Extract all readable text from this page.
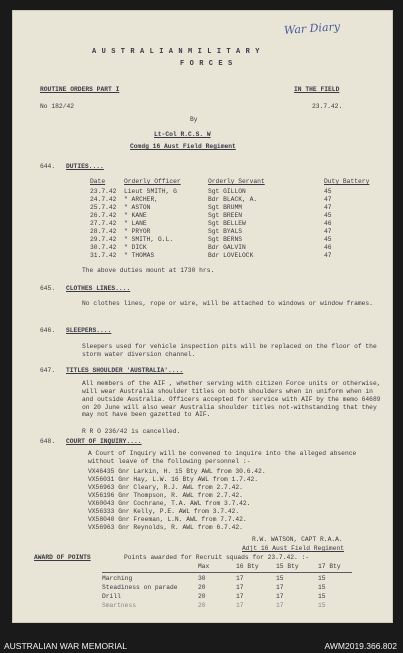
War Diary
A U S T R A L I A N M I L I T A R Y
F O R C E S
ROUTINE ORDERS PART I	IN THE FIELD
No 182/42	23.7.42.
By
Lt-Col R.C.S. W
Comdg 16 Aust Field Regiment
644. DUTIES....
Date	Orderly Officer	Orderly Servant	Duty Battery
23.7.42 Lieut SMITH, G	Sgt GILLON	45
24.7.42 " ARCHER,	Bdr BLACK, A.	47
25.7.42 " ASTON	Sgt BRUMM	47
26.7.42 " KANE	Sgt BREEN	45
27.7.42 " LANE	Sgt BELLEW	46
28.7.42 " PRYOR	Sgt BYALS	47
29.7.42 " SMITH, G.L.	Sgt BERNS	45
30.7.42 " DICK	Bdr GALVIN	46
31.7.42 " THOMAS	Bdr LOVELOCK	47
The above duties mount at 1730 hrs.
645. CLOTHES LINES....
No clothes lines, rope or wire, will be attached to windows or window frames.
646. SLEEPERS....
Sleepers used for vehicle inspection pits will be replaced on the floor of the storm water diversion channel.
647. TITLES SHOULDER 'AUSTRALIA'....
All members of the AIF , whether serving with citizen Force units or otherwise, will wear Australia shoulder titles on both shoulders when in uniform when in and outside Australia. Officers accepted for service with AIF by the memo 64689 on 20 June will also wear Australia shoulder titles not-withstanding that they may not have been gazetted to AIF.
R R O 236/42 is cancelled.
648. COURT OF INQUIRY....
A Court of Inquiry will be convened to inquire into the alleged absence without leave of the following personnel :-
VX46435 Gnr Larkin, H. 15 Bty AWL from 30.6.42.
VX56031 Gnr Hay, L.W. 16 Bty AWL from 1.7.42.
VX56963 Gnr Cleary, R.J. AWL from 2.7.42.
VX56196 Gnr Thompson, R. AWL from 2.7.42.
VX60043 Gnr Cochrane, T.A. AWL from 3.7.42.
VX56333 Gnr Kelly, P.E. AWL from 3.7.42.
VX58040 Gnr Freeman, L.N. AWL from 7.7.42.
VX56963 Gnr Reynolds, R. AWL from 6.7.42.
R.W. WATSON, CAPT R.A.A.
Adjt 16 Aust Field Regiment
AWARD OF POINTS	Points awarded for Recruit squads for 23.7.42. :-
Max	16 Bty	15 Bty	17 Bty
Marching	30	17	15	15
Steadiness on parade	20	17	17	15
Drill	20	17	17	15
Smartness	20	17	17	15
AUSTRALIAN WAR MEMORIAL	AWM2019.366.802
